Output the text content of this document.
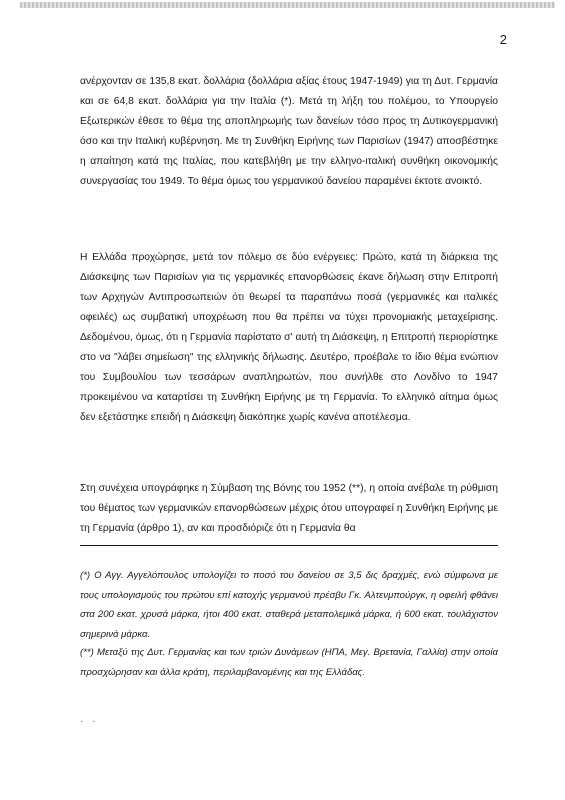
2

ανέρχονταν σε 135,8 εκατ. δολλάρια (δολλάρια αξίας έτους 1947-1949) για τη Δυτ. Γερμανία και σε 64,8 εκατ. δολλάρια για την Ιταλία (*). Μετά τη λήξη του πολέμου, το Υπουργείο Εξωτερικών έθεσε το θέμα της αποπληρωμής των δανείων τόσο προς τη Δυτικογερμανική όσο και την Ιταλική κυβέρνηση. Με τη Συνθήκη Ειρήνης των Παρισίων (1947) αποσβέστηκε η απαίτηση κατά της Ιταλίας, που κατεβλήθη με την ελληνο-ιταλική συνθήκη οικονομικής συνεργασίας του 1949. Το θέμα όμως του γερμανικού δανείου παραμένει έκτοτε ανοικτό.

Η Ελλάδα προχώρησε, μετά τον πόλεμο σε δύο ενέργειες: Πρώτο, κατά τη διάρκεια της Διάσκεψης των Παρισίων για τις γερμανικές επανορθώσεις έκανε δήλωση στην Επιτροπή των Αρχηγών Αντιπροσωπειών ότι θεωρεί τα παραπάνω ποσά (γερμανικές και ιταλικές οφειλές) ως συμβατική υποχρέωση που θα πρέπει να τύχει προνομιακής μεταχείρισης. Δεδομένου, όμως, ότι η Γερμανία παρίστατο σ' αυτή τη Διάσκεψη, η Επιτροπή περιορίστηκε στο να "λάβει σημείωση" της ελληνικής δήλωσης. Δευτέρο, προέβαλε το ίδιο θέμα ενώπιον του Συμβουλίου των τεσσάρων αναπληρωτών, που συνήλθε στο Λονδίνο το 1947 προκειμένου να καταρτίσει τη Συνθήκη Ειρήνης με τη Γερμανία. Το ελληνικό αίτημα όμως δεν εξετάστηκε επειδή η Διάσκεψη διακόπηκε χωρίς κανένα αποτέλεσμα.

Στη συνέχεια υπογράφηκε η Σύμβαση της Βόνης του 1952 (**), η οποία ανέβαλε τη ρύθμιση του θέματος των γερμανικών επανορθώσεων μέχρις ότου υπογραφεί η Συνθήκη Ειρήνης με τη Γερμανία (άρθρο 1), αν και προσδιόριζε ότι η Γερμανία θα

(*) Ο Αγγ. Αγγελόπουλος υπολογίζει το ποσό του δανείου σε 3,5 δις δραχμές, ενώ σύμφωνα με τους υπολογισμούς του πρώτου επί κατοχής γερμανού πρέσβυ Γκ. Αλτενμπούργκ, η οφειλή φθάνει στα 200 εκατ. χρυσά μάρκα, ήτοι 400 εκατ. σταθερά μεταπολεμικά μάρκα, ή 600 εκατ. τουλάχιστον σημερινά μάρκα.

(**) Μεταξύ της Δυτ. Γερμανίας και των τριών Δυνάμεων (ΗΠΑ, Μεγ. Βρετανία, Γαλλία) στην οποία προσχώρησαν και άλλα κράτη, περιλαμβανομένης και της Ελλάδας.

· ·
